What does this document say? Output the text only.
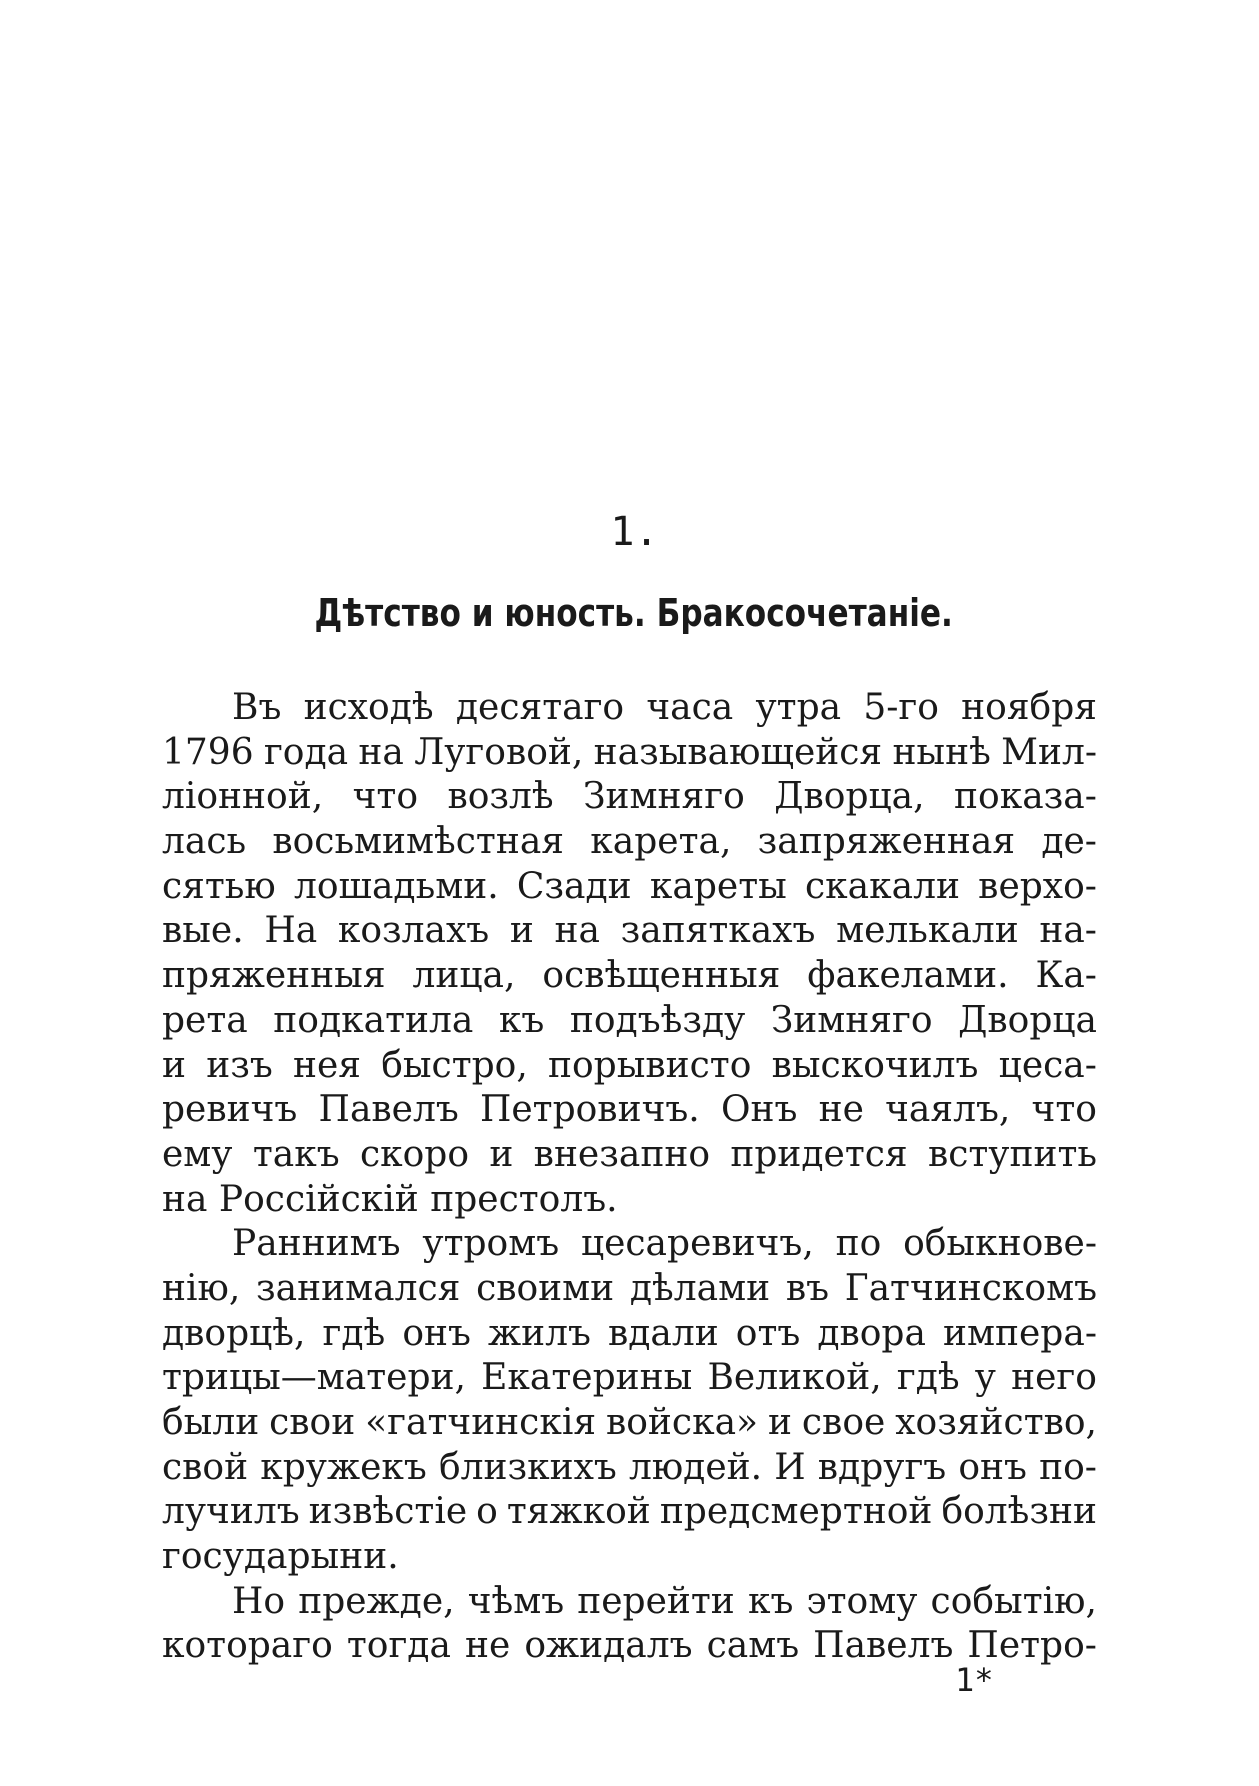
1.
Дѣтство и юность. Бракосочетаніе.
Въ исходѣ десятаго часа утра 5-го ноября
1796 года на Луговой, называющейся нынѣ Мил-
ліонной, что возлѣ Зимняго Дворца, показа-
лась восьмимѣстная карета, запряженная де-
сятью лошадьми. Сзади кареты скакали верхо-
вые. На козлахъ и на запяткахъ мелькали на-
пряженныя лица, освѣщенныя факелами. Ка-
рета подкатила къ подъѣзду Зимняго Дворца
и изъ нея быстро, порывисто выскочилъ цеса-
ревичъ Павелъ Петровичъ. Онъ не чаялъ, что
ему такъ скоро и внезапно придется вступить
на Россійскій престолъ.
Раннимъ утромъ цесаревичъ, по обыкнове-
нію, занимался своими дѣлами въ Гатчинскомъ
дворцѣ, гдѣ онъ жилъ вдали отъ двора импера-
трицы—матери, Екатерины Великой, гдѣ у него
были свои «гатчинскія войска» и свое хозяйство,
свой кружекъ близкихъ людей. И вдругъ онъ по-
лучилъ извѣстіе о тяжкой предсмертной болѣзни
государыни.
Но прежде, чѣмъ перейти къ этому событію,
котораго тогда не ожидалъ самъ Павелъ Петро-
1*
